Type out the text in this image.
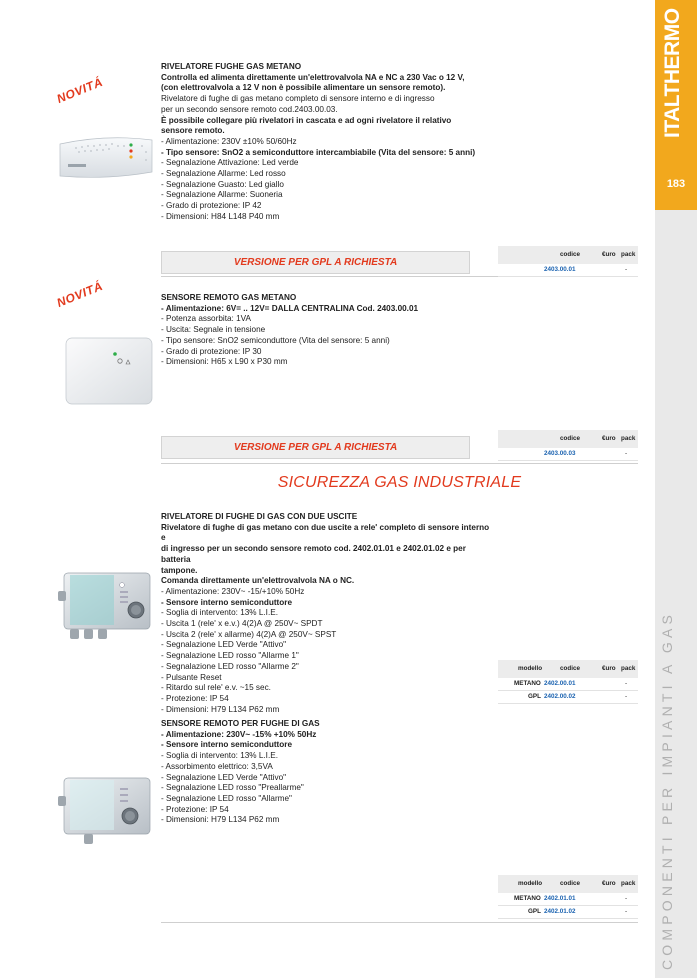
ITALTHERMO
183
COMPONENTI PER IMPIANTI A GAS
NOVITÁ
RIVELATORE FUGHE GAS METANO
Controlla ed alimenta direttamente un'elettrovalvola NA e NC a 230 Vac o 12 V,
(con elettrovalvola a 12 V non è possibile alimentare un sensore remoto).
Rivelatore di fughe di gas metano completo di sensore interno e di ingresso
per un secondo sensore remoto cod.2403.00.03.
È possibile collegare più rivelatori in cascata e ad ogni rivelatore il relativo
sensore remoto.
- Alimentazione: 230V ±10% 50/60Hz
- Tipo sensore: SnO2 a semiconduttore intercambiabile (Vita del sensore: 5 anni)
- Segnalazione Attivazione: Led verde
- Segnalazione Allarme: Led rosso
- Segnalazione Guasto: Led giallo
- Segnalazione Allarme: Suoneria
- Grado di protezione: IP 42
- Dimensioni: H84 L148 P40 mm
VERSIONE PER GPL A RICHIESTA
codice	€uro pack
2403.00.01	-
NOVITÁ	SENSORE REMOTO GAS METANO
- Alimentazione: 6V= .. 12V= DALLA CENTRALINA Cod. 2403.00.01
- Potenza assorbita: 1VA
- Uscita: Segnale in tensione
- Tipo sensore: SnO2 semiconduttore (Vita del sensore: 5 anni)
- Grado di protezione: IP 30
- Dimensioni: H65 x L90 x P30 mm
VERSIONE PER GPL A RICHIESTA
codice	€uro pack
2403.00.03	-
SICUREZZA GAS INDUSTRIALE
RIVELATORE DI FUGHE DI GAS CON DUE USCITE
Rivelatore di fughe di gas metano con due uscite a rele' completo di sensore interno e
di ingresso per un secondo sensore remoto cod. 2402.01.01 e 2402.01.02 e per batteria
tampone.
Comanda direttamente un'elettrovalvola NA o NC.
- Alimentazione: 230V~ -15/+10% 50Hz
- Sensore interno semiconduttore
- Soglia di intervento: 13% L.I.E.
- Uscita 1 (rele' x e.v.) 4(2)A @ 250V~ SPDT
- Uscita 2 (rele' x allarme) 4(2)A @ 250V~ SPST
- Segnalazione LED Verde "Attivo"
- Segnalazione LED rosso "Allarme 1"
- Segnalazione LED rosso "Allarme 2"
- Pulsante Reset
- Ritardo sul rele' e.v. ~15 sec.
- Protezione: IP 54
- Dimensioni: H79 L134 P62 mm
modello	codice	€uro pack
METANO 2402.00.01	-
GPL 2402.00.02	-
SENSORE REMOTO PER FUGHE DI GAS
- Alimentazione: 230V~ -15% +10% 50Hz
- Sensore interno semiconduttore
- Soglia di intervento: 13% L.I.E.
- Assorbimento elettrico: 3,5VA
- Segnalazione LED Verde "Attivo"
- Segnalazione LED rosso "Preallarme"
- Segnalazione LED rosso "Allarme"
- Protezione: IP 54
- Dimensioni: H79 L134 P62 mm
modello	codice	€uro pack
METANO 2402.01.01	-
GPL 2402.01.02	-
